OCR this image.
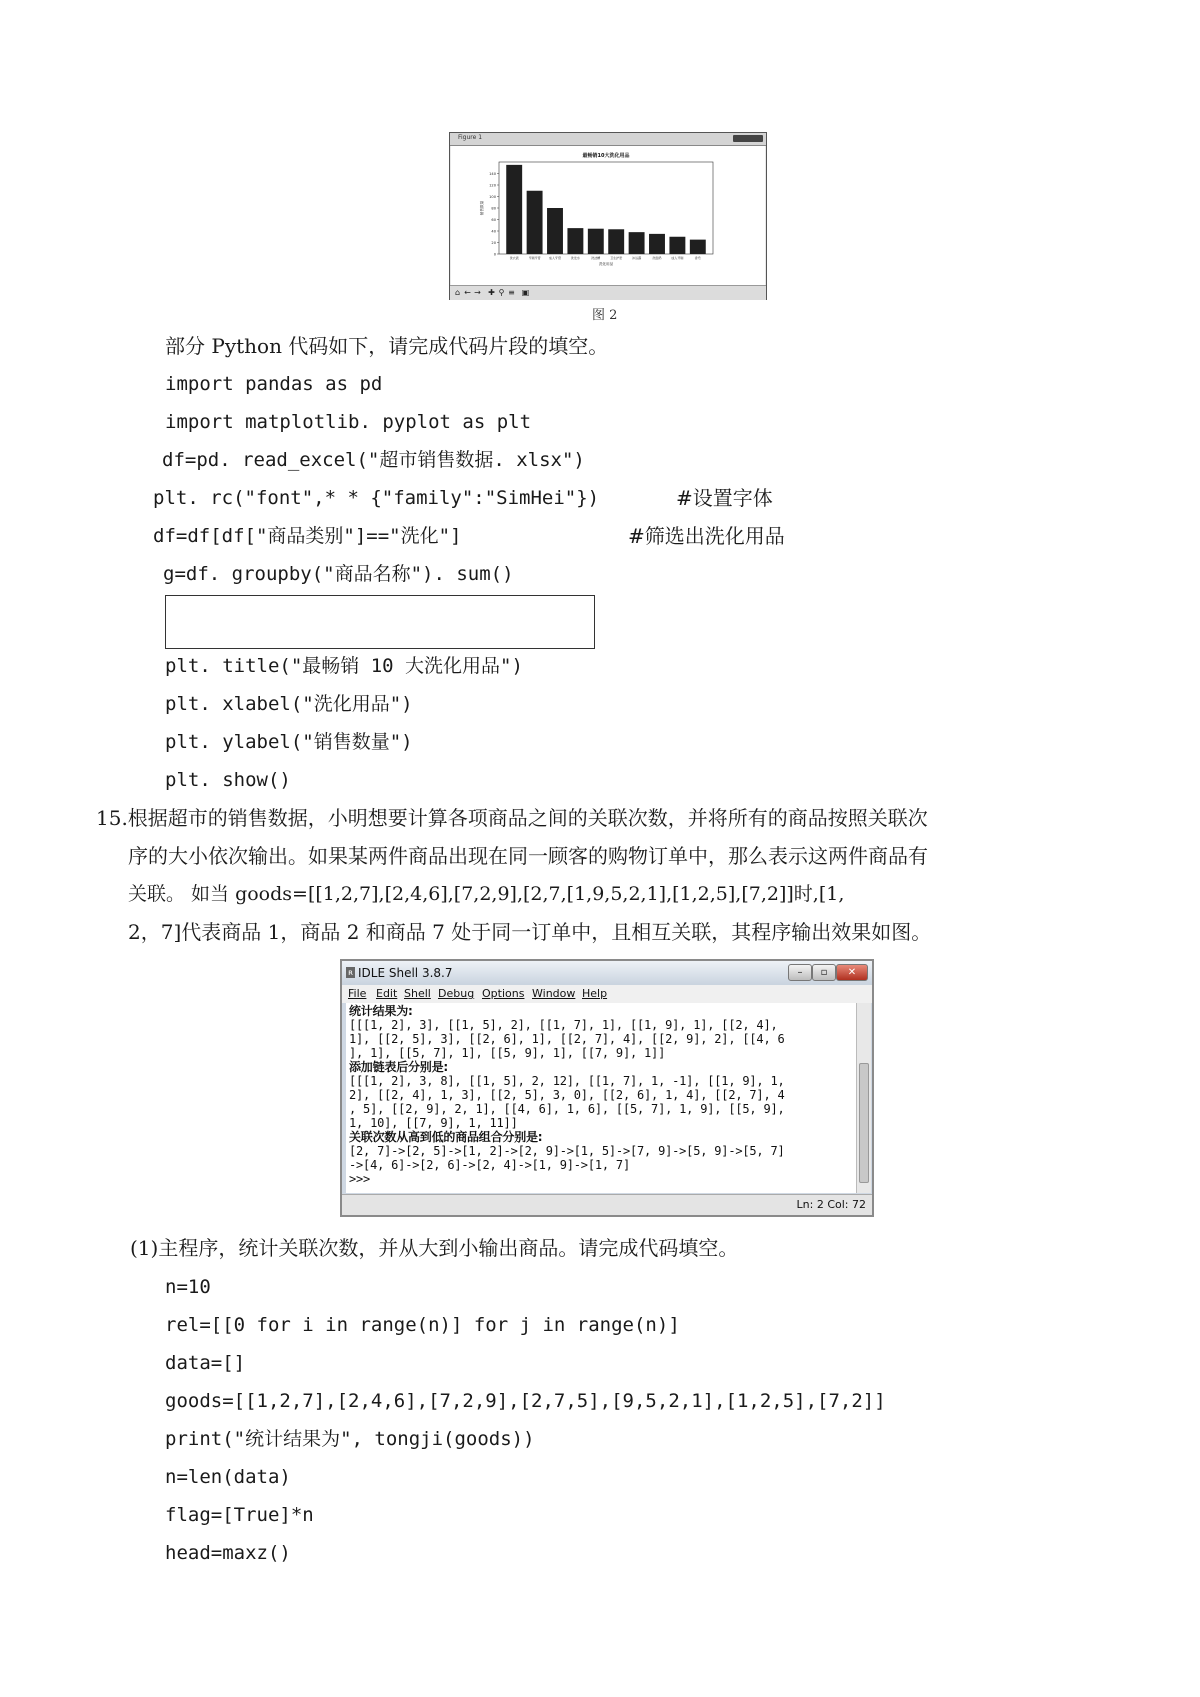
Figure 1
最畅销10大洗化用品
0
20
40
60
80
100
120
140
洗衣液	牙刷牙膏	成人牙膏	洗发水	洗洁精	卫生护垫	沐浴露	洗面奶	成人牙刷	香皂
洗化用品
销售数量
⌂ ← → ✚ ⚲ ≡ ▣
图 2
部分 Python 代码如下，请完成代码片段的填空。
import pandas as pd
import matplotlib. pyplot as plt
df=pd. read_excel("超市销售数据. xlsx")
plt. rc("font",* * {"family":"SimHei"})	#设置字体
df=df[df["商品类别"]=="洗化"]	#筛选出洗化用品
g=df. groupby("商品名称"). sum()
plt. title("最畅销 10 大洗化用品")
plt. xlabel("洗化用品")
plt. ylabel("销售数量")
plt. show()
15.根据超市的销售数据，小明想要计算各项商品之间的关联次数，并将所有的商品按照关联次
序的大小依次输出。如果某两件商品出现在同一顾客的购物订单中，那么表示这两件商品有
关联。 如当 goods=[[1,2,7],[2,4,6],[7,2,9],[2,7,[1,9,5,2,1],[1,2,5],[7,2]]时,[1,
2，7]代表商品 1，商品 2 和商品 7 处于同一订单中，且相互关联，其程序输出效果如图。
ʀ IDLE Shell 3.8.7	–	▫	✕
File Edit Shell Debug Options Window Help
统计结果为:
[[[1, 2], 3], [[1, 5], 2], [[1, 7], 1], [[1, 9], 1], [[2, 4],
1], [[2, 5], 3], [[2, 6], 1], [[2, 7], 4], [[2, 9], 2], [[4, 6
], 1], [[5, 7], 1], [[5, 9], 1], [[7, 9], 1]]
添加链表后分别是:
[[[1, 2], 3, 8], [[1, 5], 2, 12], [[1, 7], 1, -1], [[1, 9], 1,
2], [[2, 4], 1, 3], [[2, 5], 3, 0], [[2, 6], 1, 4], [[2, 7], 4
, 5], [[2, 9], 2, 1], [[4, 6], 1, 6], [[5, 7], 1, 9], [[5, 9],
1, 10], [[7, 9], 1, 11]]
关联次数从高到低的商品组合分别是:
[2, 7]->[2, 5]->[1, 2]->[2, 9]->[1, 5]->[7, 9]->[5, 9]->[5, 7]
->[4, 6]->[2, 6]->[2, 4]->[1, 9]->[1, 7]
>>>
Ln: 2 Col: 72
(1)主程序，统计关联次数，并从大到小输出商品。请完成代码填空。
n=10
rel=[[0 for i in range(n)] for j in range(n)]
data=[]
goods=[[1,2,7],[2,4,6],[7,2,9],[2,7,5],[9,5,2,1],[1,2,5],[7,2]]
print("统计结果为", tongji(goods))
n=len(data)
flag=[True]*n
head=maxz()
